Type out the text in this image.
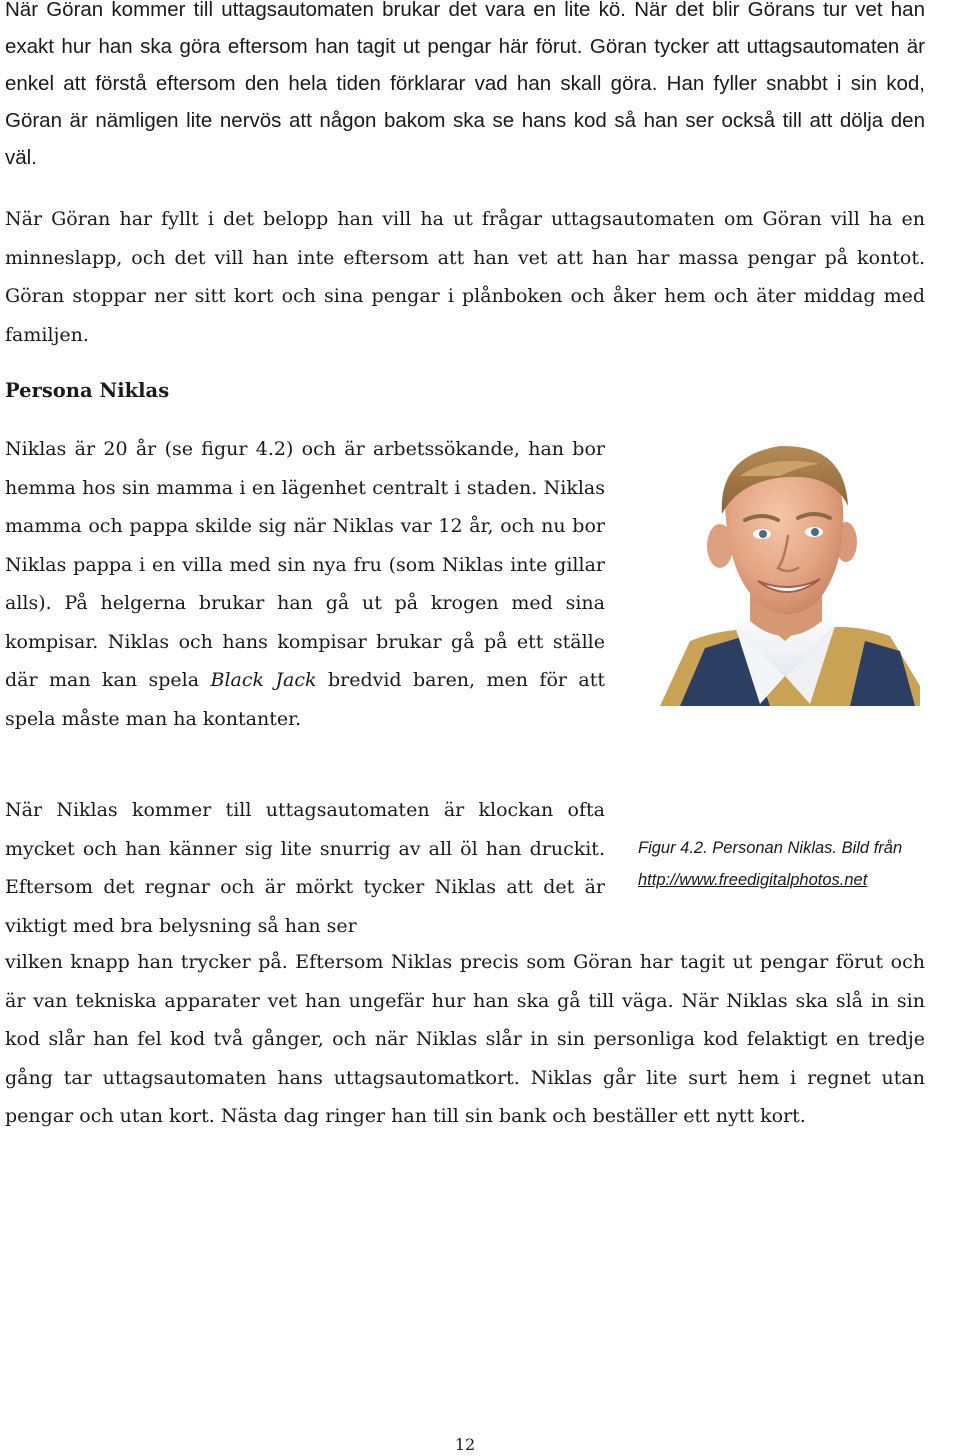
När Göran kommer till uttagsautomaten brukar det vara en lite kö. När det blir Görans tur vet han exakt hur han ska göra eftersom han tagit ut pengar här förut. Göran tycker att uttagsautomaten är enkel att förstå eftersom den hela tiden förklarar vad han skall göra. Han fyller snabbt i sin kod, Göran är nämligen lite nervös att någon bakom ska se hans kod så han ser också till att dölja den väl.

När Göran har fyllt i det belopp han vill ha ut frågar uttagsautomaten om Göran vill ha en minneslapp, och det vill han inte eftersom att han vet att han har massa pengar på kontot. Göran stoppar ner sitt kort och sina pengar i plånboken och åker hem och äter middag med familjen.

Persona Niklas

Niklas är 20 år (se figur 4.2) och är arbetssökande, han bor hemma hos sin mamma i en lägenhet centralt i staden. Niklas mamma och pappa skilde sig när Niklas var 12 år, och nu bor Niklas pappa i en villa med sin nya fru (som Niklas inte gillar alls). På helgerna brukar han gå ut på krogen med sina kompisar. Niklas och hans kompisar brukar gå på ett ställe där man kan spela Black Jack bredvid baren, men för att spela måste man ha kontanter.

Figur 4.2. Personan Niklas. Bild från
http://www.freedigitalphotos.net

När Niklas kommer till uttagsautomaten är klockan ofta mycket och han känner sig lite snurrig av all öl han druckit. Eftersom det regnar och är mörkt tycker Niklas att det är viktigt med bra belysning så han ser

vilken knapp han trycker på. Eftersom Niklas precis som Göran har tagit ut pengar förut och är van tekniska apparater vet han ungefär hur han ska gå till väga. När Niklas ska slå in sin kod slår han fel kod två gånger, och när Niklas slår in sin personliga kod felaktigt en tredje gång tar uttagsautomaten hans uttagsautomatkort. Niklas går lite surt hem i regnet utan pengar och utan kort. Nästa dag ringer han till sin bank och beställer ett nytt kort.

12
